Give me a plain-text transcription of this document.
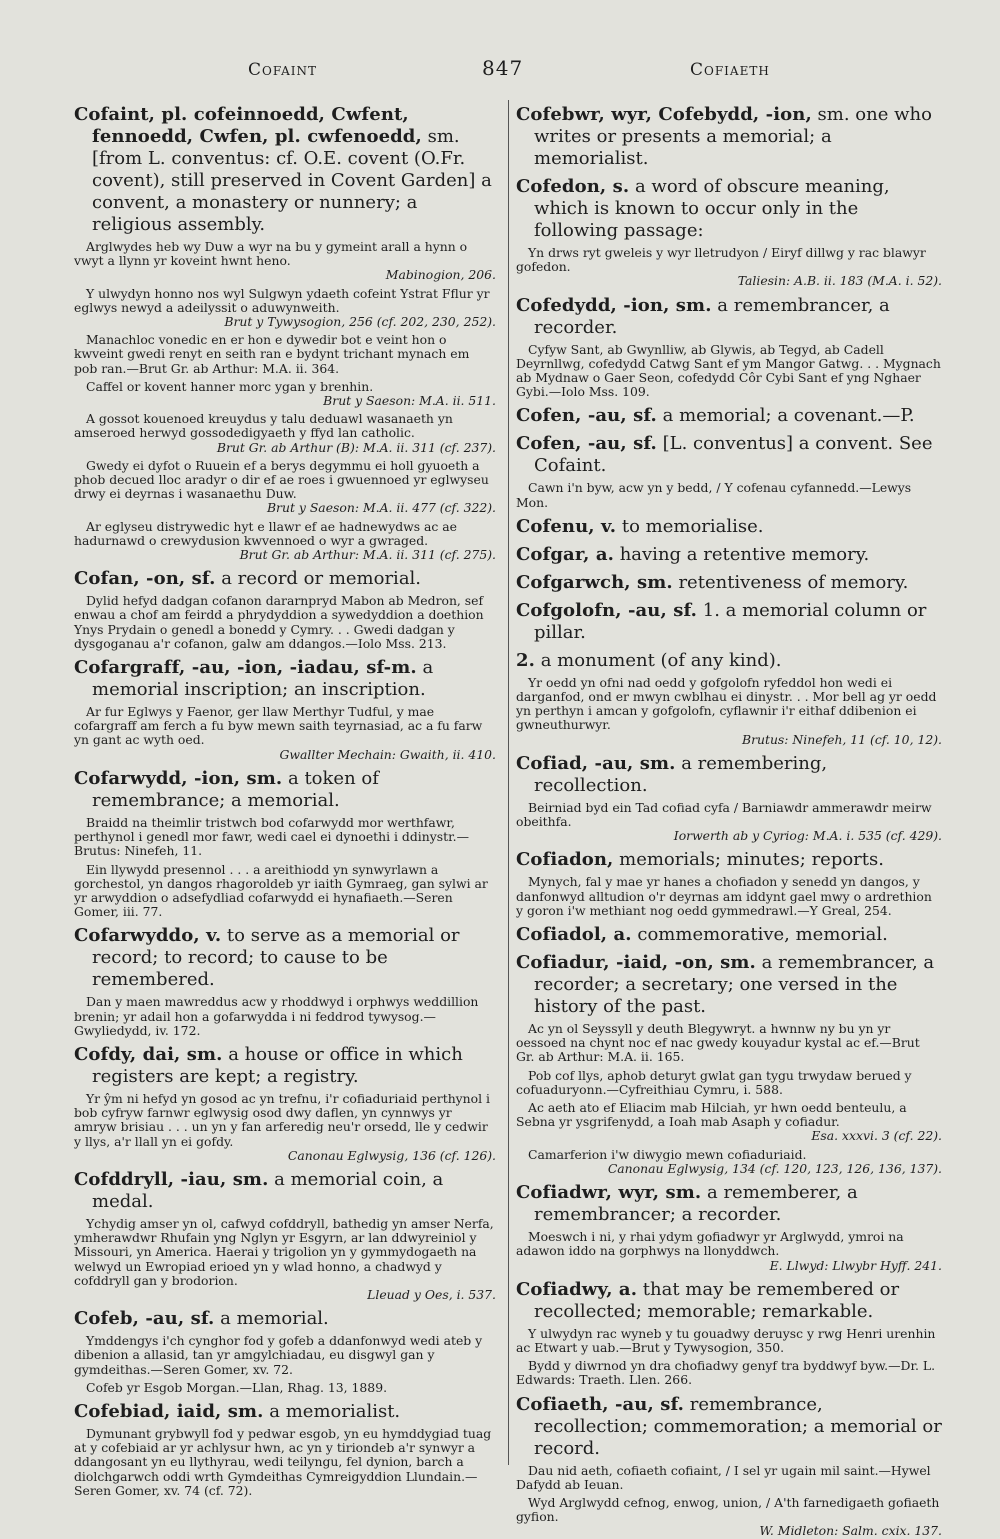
Cofaint	847	Cofiaeth

Cofaint, pl. cofeinnoedd, Cwfent, fennoedd, Cwfen, pl. cwfenoedd, sm. [from L. conventus: cf. O.E. covent (O.Fr. covent), still preserved in Covent Garden] a convent, a monastery or nunnery; a religious assembly.

Arglwydes heb wy Duw a wyr na bu y gymeint arall a hynn o vwyt a llynn yr koveint hwnt heno.

Mabinogion, 206.

Y ulwydyn honno nos wyl Sulgwyn ydaeth cofeint Ystrat Fflur yr eglwys newyd a adeilyssit o aduwynweith.

Brut y Tywysogion, 256 (cf. 202, 230, 252).

Manachloc vonedic en er hon e dywedir bot e veint hon o kwveint gwedi renyt en seith ran e bydynt trichant mynach em pob ran.—Brut Gr. ab Arthur: M.A. ii. 364.

Caffel or kovent hanner morc ygan y brenhin.

Brut y Saeson: M.A. ii. 511.

A gossot kouenoed kreuydus y talu deduawl wasanaeth yn amseroed herwyd gossodedigyaeth y ffyd lan catholic.

Brut Gr. ab Arthur (B): M.A. ii. 311 (cf. 237).

Gwedy ei dyfot o Ruuein ef a berys degymmu ei holl gyuoeth a phob decued lloc aradyr o dir ef ae roes i gwuennoed yr eglwyseu drwy ei deyrnas i wasanaethu Duw.

Brut y Saeson: M.A. ii. 477 (cf. 322).

Ar eglyseu distrywedic hyt e llawr ef ae hadnewydws ac ae hadurnawd o crewydusion kwvennoed o wyr a gwraged.

Brut Gr. ab Arthur: M.A. ii. 311 (cf. 275).

Cofan, -on, sf. a record or memorial.

Dylid hefyd dadgan cofanon dararnpryd Mabon ab Medron, sef enwau a chof am feirdd a phrydyddion a sywedyddion a doethion Ynys Prydain o genedl a bonedd y Cymry. . . Gwedi dadgan y dysgoganau a'r cofanon, galw am ddangos.—Iolo Mss. 213.

Cofargraff, -au, -ion, -iadau, sf-m. a memorial inscription; an inscription.

Ar fur Eglwys y Faenor, ger llaw Merthyr Tudful, y mae cofargraff am ferch a fu byw mewn saith teyrnasiad, ac a fu farw yn gant ac wyth oed.

Gwallter Mechain: Gwaith, ii. 410.

Cofarwydd, -ion, sm. a token of remembrance; a memorial.

Braidd na theimlir tristwch bod cofarwydd mor werthfawr, perthynol i genedl mor fawr, wedi cael ei dynoethi i ddinystr.—Brutus: Ninefeh, 11.

Ein llywydd presennol . . . a areithiodd yn synwyrlawn a gorchestol, yn dangos rhagoroldeb yr iaith Gymraeg, gan sylwi ar yr arwyddion o adsefydliad cofarwydd ei hynafiaeth.—Seren Gomer, iii. 77.

Cofarwyddo, v. to serve as a memorial or record; to record; to cause to be remembered.

Dan y maen mawreddus acw y rhoddwyd i orphwys weddillion brenin; yr adail hon a gofarwydda i ni feddrod tywysog.—Gwyliedydd, iv. 172.

Cofdy, dai, sm. a house or office in which registers are kept; a registry.

Yr ŷm ni hefyd yn gosod ac yn trefnu, i'r cofiaduriaid perthynol i bob cyfryw farnwr eglwysig osod dwy daflen, yn cynnwys yr amryw brisiau . . . un yn y fan arferedig neu'r orsedd, lle y cedwir y llys, a'r llall yn ei gofdy.

Canonau Eglwysig, 136 (cf. 126).

Cofddryll, -iau, sm. a memorial coin, a medal.

Ychydig amser yn ol, cafwyd cofddryll, bathedig yn amser Nerfa, ymherawdwr Rhufain yng Nglyn yr Esgyrn, ar lan ddwyreiniol y Missouri, yn America. Haerai y trigolion yn y gymmydogaeth na welwyd un Ewropiad erioed yn y wlad honno, a chadwyd y cofddryll gan y brodorion.

Lleuad y Oes, i. 537.

Cofeb, -au, sf. a memorial.

Ymddengys i'ch cynghor fod y gofeb a ddanfonwyd wedi ateb y dibenion a allasid, tan yr amgylchiadau, eu disgwyl gan y gymdeithas.—Seren Gomer, xv. 72.

Cofeb yr Esgob Morgan.—Llan, Rhag. 13, 1889.

Cofebiad, iaid, sm. a memorialist.

Dymunant grybwyll fod y pedwar esgob, yn eu hymddygiad tuag at y cofebiaid ar yr achlysur hwn, ac yn y tiriondeb a'r synwyr a ddangosant yn eu llythyrau, wedi teilyngu, fel dynion, barch a diolchgarwch oddi wrth Gymdeithas Cymreigyddion Llundain.—Seren Gomer, xv. 74 (cf. 72).

Cofebwr, wyr, Cofebydd, -ion, sm. one who writes or presents a memorial; a memorialist.

Cofedon, s. a word of obscure meaning, which is known to occur only in the following passage:

Yn drws ryt gweleis y wyr lletrudyon / Eiryf dillwg y rac blawyr gofedon.

Taliesin: A.B. ii. 183 (M.A. i. 52).

Cofedydd, -ion, sm. a remembrancer, a recorder.

Cyfyw Sant, ab Gwynlliw, ab Glywis, ab Tegyd, ab Cadell Deyrnllwg, cofedydd Catwg Sant ef ym Mangor Gatwg. . . Mygnach ab Mydnaw o Gaer Seon, cofedydd Côr Cybi Sant ef yng Nghaer Gybi.—Iolo Mss. 109.

Cofen, -au, sf. a memorial; a covenant.—P.

Cofen, -au, sf. [L. conventus] a convent. See Cofaint.

Cawn i'n byw, acw yn y bedd, / Y cofenau cyfannedd.—Lewys Mon.

Cofenu, v. to memorialise.

Cofgar, a. having a retentive memory.

Cofgarwch, sm. retentiveness of memory.

Cofgolofn, -au, sf. 1. a memorial column or pillar.

2. a monument (of any kind).

Yr oedd yn ofni nad oedd y gofgolofn ryfeddol hon wedi ei darganfod, ond er mwyn cwblhau ei dinystr. . . Mor bell ag yr oedd yn perthyn i amcan y gofgolofn, cyflawnir i'r eithaf ddibenion ei gwneuthurwyr.

Brutus: Ninefeh, 11 (cf. 10, 12).

Cofiad, -au, sm. a remembering, recollection.

Beirniad byd ein Tad cofiad cyfa / Barniawdr ammerawdr meirw obeithfa.

Iorwerth ab y Cyriog: M.A. i. 535 (cf. 429).

Cofiadon, memorials; minutes; reports.

Mynych, fal y mae yr hanes a chofiadon y senedd yn dangos, y danfonwyd alltudion o'r deyrnas am iddynt gael mwy o ardrethion y goron i'w methiant nog oedd gymmedrawl.—Y Greal, 254.

Cofiadol, a. commemorative, memorial.

Cofiadur, -iaid, -on, sm. a remembrancer, a recorder; a secretary; one versed in the history of the past.

Ac yn ol Seyssyll y deuth Blegywryt. a hwnnw ny bu yn yr oessoed na chynt noc ef nac gwedy kouyadur kystal ac ef.—Brut Gr. ab Arthur: M.A. ii. 165.

Pob cof llys, aphob deturyt gwlat gan tygu trwydaw berued y cofuaduryonn.—Cyfreithiau Cymru, i. 588.

Ac aeth ato ef Eliacim mab Hilciah, yr hwn oedd benteulu, a Sebna yr ysgrifenydd, a Ioah mab Asaph y cofiadur.

Esa. xxxvi. 3 (cf. 22).

Camarferion i'w diwygio mewn cofiaduriaid.

Canonau Eglwysig, 134 (cf. 120, 123, 126, 136, 137).

Cofiadwr, wyr, sm. a rememberer, a remembrancer; a recorder.

Moeswch i ni, y rhai ydym gofiadwyr yr Arglwydd, ymroi na adawon iddo na gorphwys na llonyddwch.

E. Llwyd: Llwybr Hyff. 241.

Cofiadwy, a. that may be remembered or recollected; memorable; remarkable.

Y ulwydyn rac wyneb y tu gouadwy deruysc y rwg Henri urenhin ac Etwart y uab.—Brut y Tywysogion, 350.

Bydd y diwrnod yn dra chofiadwy genyf tra byddwyf byw.—Dr. L. Edwards: Traeth. Llen. 266.

Cofiaeth, -au, sf. remembrance, recollection; commemoration; a memorial or record.

Dau nid aeth, cofiaeth cofiaint, / I sel yr ugain mil saint.—Hywel Dafydd ab Ieuan.

Wyd Arglwydd cefnog, enwog, union, / A'th farnedigaeth gofiaeth gyfion.

W. Midleton: Salm. cxix. 137.
